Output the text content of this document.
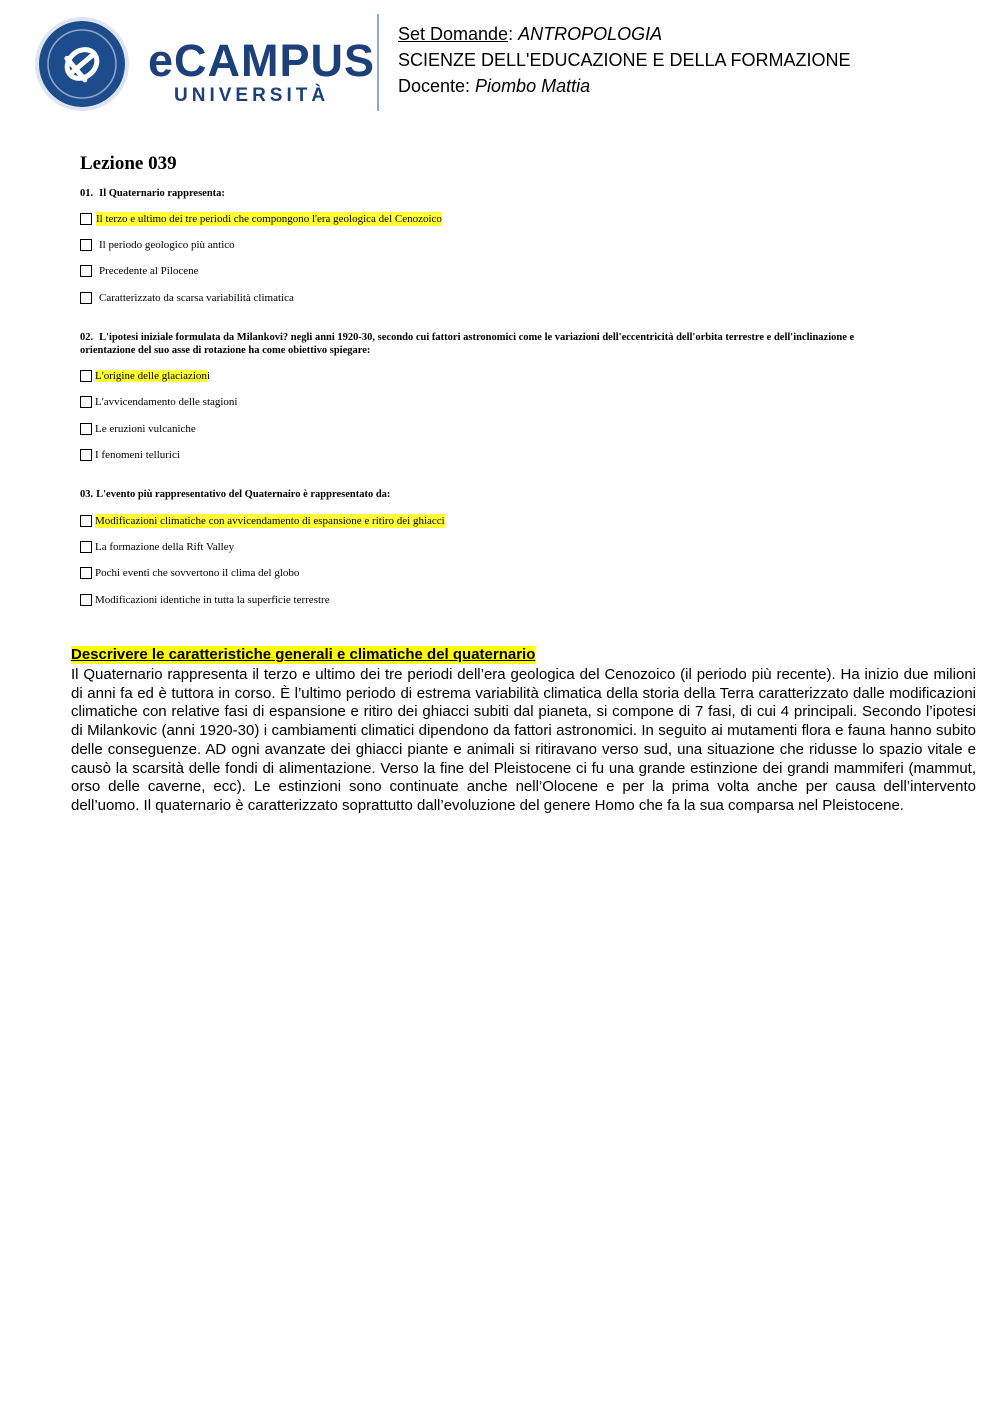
eCAMPUS
UNIVERSITÀ
Set Domande: ANTROPOLOGIA
SCIENZE DELL'EDUCAZIONE E DELLA FORMAZIONE
Docente: Piombo Mattia
Lezione 039
01. Il Quaternario rappresenta:
Il terzo e ultimo dei tre periodi che compongono l'era geologica del Cenozoico
Il periodo geologico più antico
Precedente al Pilocene
Caratterizzato da scarsa variabilità climatica
02. L'ipotesi iniziale formulata da Milankovi? negli anni 1920-30, secondo cui fattori astronomici come le variazioni dell'eccentricità dell'orbita terrestre e dell'inclinazione e orientazione del suo asse di rotazione ha come obiettivo spiegare:
L'origine delle glaciazioni
L'avvicendamento delle stagioni
Le eruzioni vulcaniche
I fenomeni tellurici
03. L'evento più rappresentativo del Quaternairo è rappresentato da:
Modificazioni climatiche con avvicendamento di espansione e ritiro dei ghiacci
La formazione della Rift Valley
Pochi eventi che sovvertono il clima del globo
Modificazioni identiche in tutta la superficie terrestre
Descrivere le caratteristiche generali e climatiche del quaternario

Il Quaternario rappresenta il terzo e ultimo dei tre periodi dell’era geologica del Cenozoico (il periodo più recente). Ha inizio due milioni di anni fa ed è tuttora in corso. È l’ultimo periodo di estrema variabilità climatica della storia della Terra caratterizzato dalle modificazioni climatiche con relative fasi di espansione e ritiro dei ghiacci subiti dal pianeta, si compone di 7 fasi, di cui 4 principali. Secondo l’ipotesi di Milankovic (anni 1920-30) i cambiamenti climatici dipendono da fattori astronomici. In seguito ai mutamenti flora e fauna hanno subito delle conseguenze. AD ogni avanzate dei ghiacci piante e animali si ritiravano verso sud, una situazione che ridusse lo spazio vitale e causò la scarsità delle fondi di alimentazione. Verso la fine del Pleistocene ci fu una grande estinzione dei grandi mammiferi (mammut, orso delle caverne, ecc). Le estinzioni sono continuate anche nell’Olocene e per la prima volta anche per causa dell’intervento dell’uomo. Il quaternario è caratterizzato soprattutto dall’evoluzione del genere Homo che fa la sua comparsa nel Pleistocene.
